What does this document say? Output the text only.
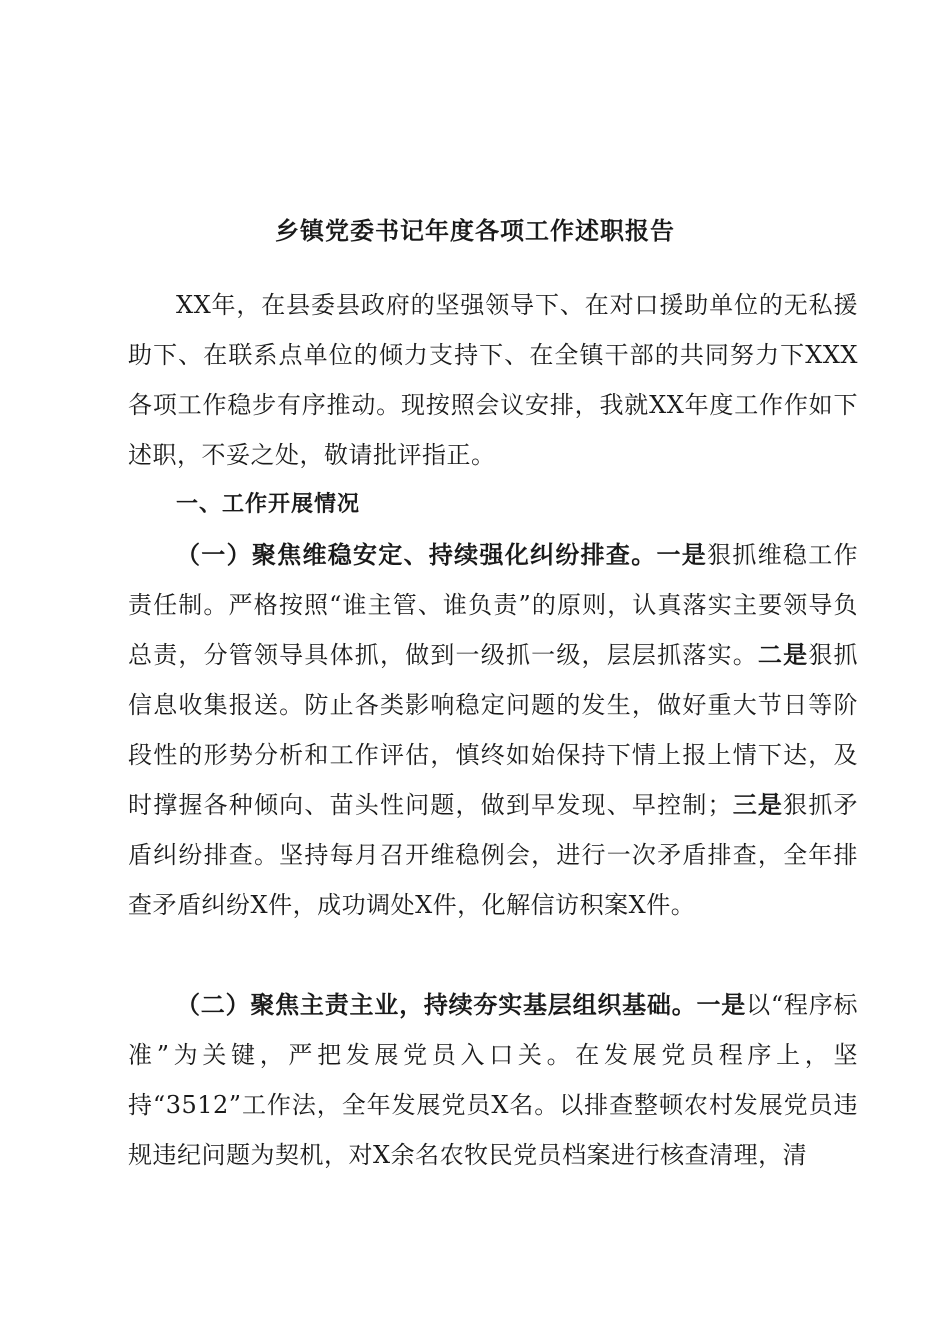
乡镇党委书记年度各项工作述职报告

XX年，在县委县政府的坚强领导下、在对口援助单位的无私援助下、在联系点单位的倾力支持下、在全镇干部的共同努力下XXX各项工作稳步有序推动。现按照会议安排，我就XX年度工作作如下述职，不妥之处，敬请批评指正。

一、工作开展情况

（一）聚焦维稳安定、持续强化纠纷排查。一是狠抓维稳工作责任制。严格按照“谁主管、谁负责”的原则，认真落实主要领导负总责，分管领导具体抓，做到一级抓一级，层层抓落实。二是狠抓信息收集报送。防止各类影响稳定问题的发生，做好重大节日等阶段性的形势分析和工作评估，慎终如始保持下情上报上情下达，及时撑握各种倾向、苗头性问题，做到早发现、早控制；三是狠抓矛盾纠纷排查。坚持每月召开维稳例会，进行一次矛盾排查，全年排查矛盾纠纷X件，成功调处X件，化解信访积案X件。

（二）聚焦主责主业，持续夯实基层组织基础。一是以“程序标准”为关键，严把发展党员入口关。在发展党员程序上，坚持“3512”工作法，全年发展党员X名。以排查整顿农村发展党员违规违纪问题为契机，对X余名农牧民党员档案进行核查清理，清
